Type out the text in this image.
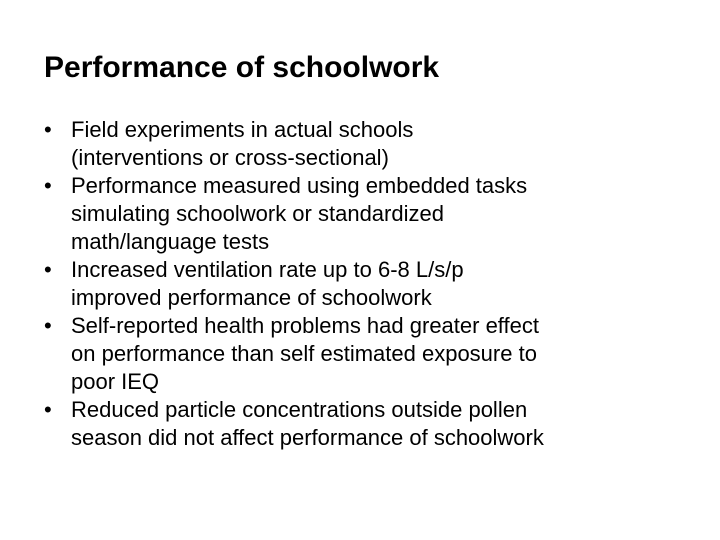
Performance of schoolwork
• Field experiments in actual schools
(interventions or cross-sectional)
• Performance measured using embedded tasks
simulating schoolwork or standardized
math/language tests
• Increased ventilation rate up to 6-8 L/s/p
improved performance of schoolwork
• Self-reported health problems had greater effect
on performance than self estimated exposure to
poor IEQ
• Reduced particle concentrations outside pollen
season did not affect performance of schoolwork
